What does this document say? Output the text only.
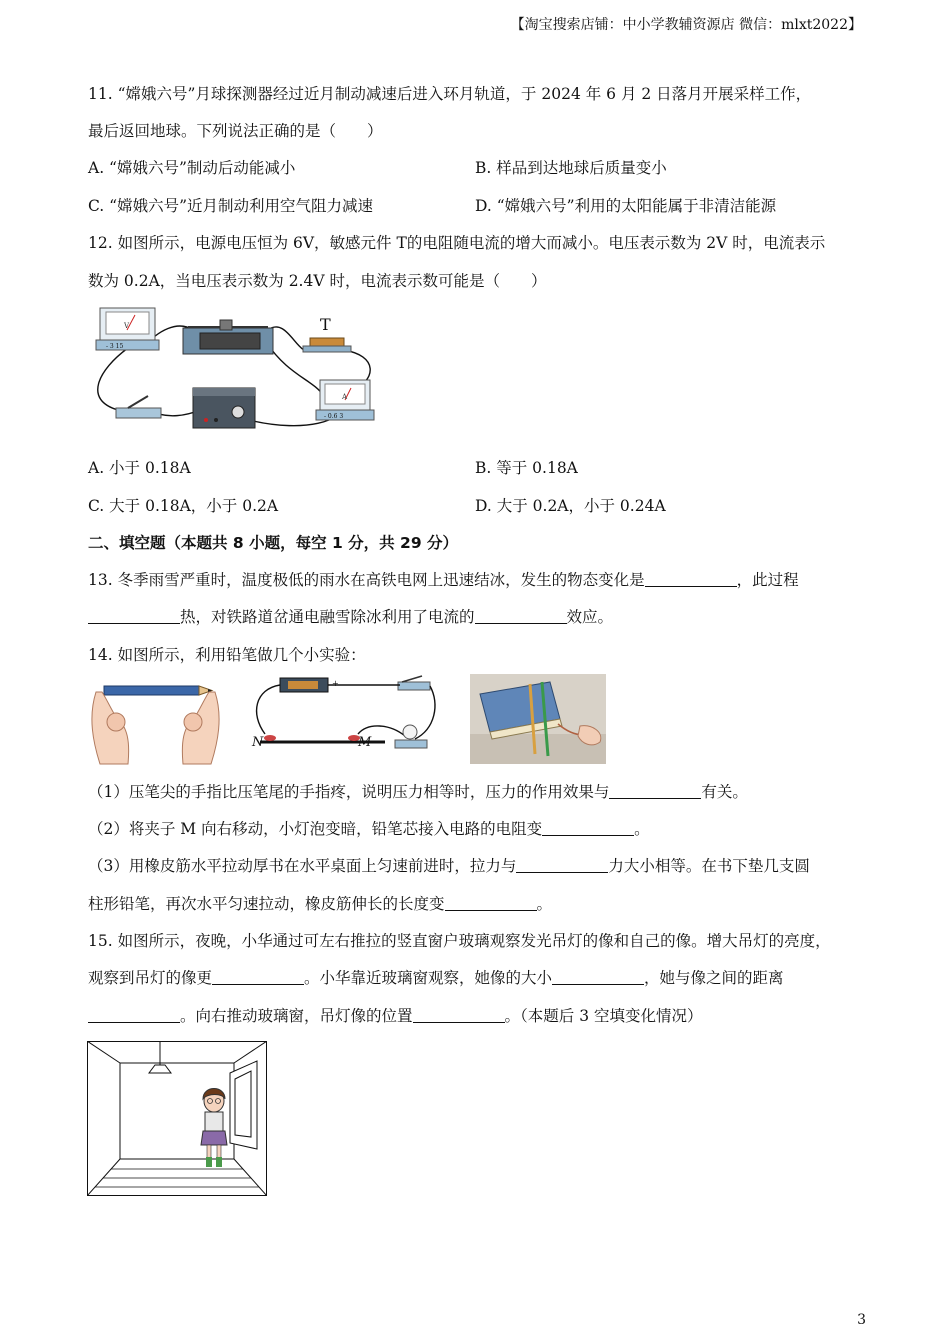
【淘宝搜索店铺：中小学教辅资源店 微信：mlxt2022】
11. “嫦娥六号”月球探测器经过近月制动减速后进入环月轨道，于 2024 年 6 月 2 日落月开展采样工作，
最后返回地球。下列说法正确的是（　　）
A. “嫦娥六号”制动后动能减小	B. 样品到达地球后质量变小
C. “嫦娥六号”近月制动利用空气阻力减速	D. “嫦娥六号”利用的太阳能属于非清洁能源
12. 如图所示，电源电压恒为 6V，敏感元件 T的电阻随电流的增大而减小。电压表示数为 2V 时，电流表示
数为 0.2A，当电压表示数为 2.4V 时，电流表示数可能是（　　）
V
- 3 15
T
A
- 0.6 3
A. 小于 0.18A	B. 等于 0.18A
C. 大于 0.18A，小于 0.2A	D. 大于 0.2A，小于 0.24A
二、填空题（本题共 8 小题，每空 1 分，共 29 分）
13. 冬季雨雪严重时，温度极低的雨水在高铁电网上迅速结冰，发生的物态变化是	，此过程
热，对铁路道岔通电融雪除冰利用了电流的	效应。
14. 如图所示，利用铅笔做几个小实验：
+
N	M
（1）压笔尖的手指比压笔尾的手指疼，说明压力相等时，压力的作用效果与	有关。
（2）将夹子 M 向右移动，小灯泡变暗，铅笔芯接入电路的电阻变	。
（3）用橡皮筋水平拉动厚书在水平桌面上匀速前进时，拉力与	力大小相等。在书下垫几支圆
柱形铅笔，再次水平匀速拉动，橡皮筋伸长的长度变	。
15. 如图所示，夜晚，小华通过可左右推拉的竖直窗户玻璃观察发光吊灯的像和自己的像。增大吊灯的亮度，
观察到吊灯的像更	。小华靠近玻璃窗观察，她像的大小	，她与像之间的距离
。向右推动玻璃窗，吊灯像的位置	。（本题后 3 空填变化情况）
3
